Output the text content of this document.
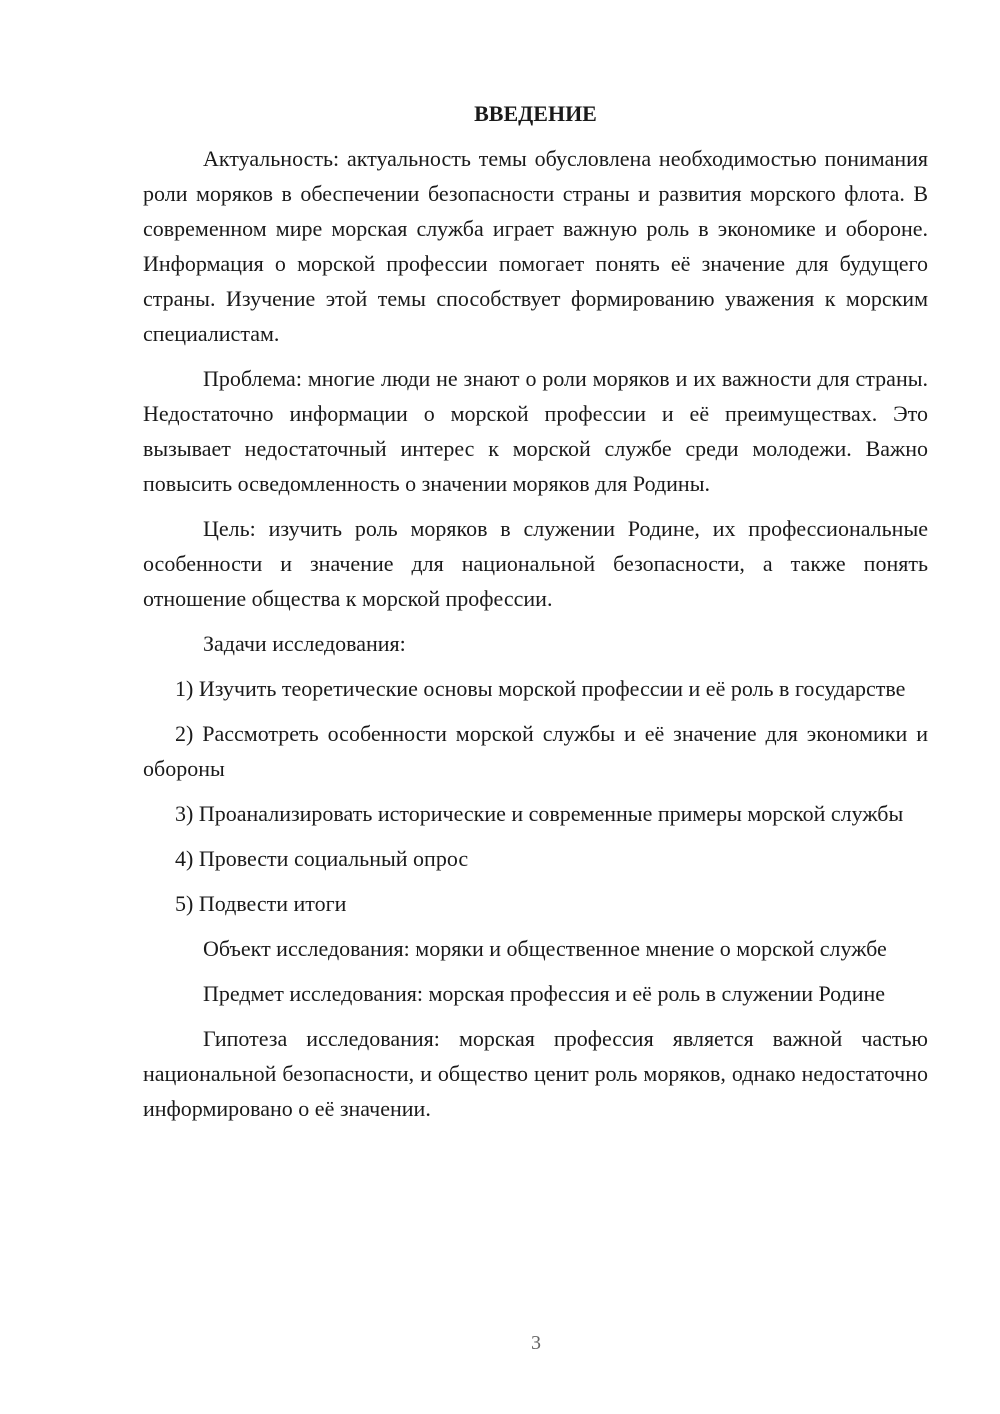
ВВЕДЕНИЕ

Актуальность: актуальность темы обусловлена необходимостью понимания роли моряков в обеспечении безопасности страны и развития морского флота. В современном мире морская служба играет важную роль в экономике и обороне. Информация о морской профессии помогает понять её значение для будущего страны. Изучение этой темы способствует формированию уважения к морским специалистам.

Проблема: многие люди не знают о роли моряков и их важности для страны. Недостаточно информации о морской профессии и её преимуществах. Это вызывает недостаточный интерес к морской службе среди молодежи. Важно повысить осведомленность о значении моряков для Родины.

Цель: изучить роль моряков в служении Родине, их профессиональные особенности и значение для национальной безопасности, а также понять отношение общества к морской профессии.

Задачи исследования:

1) Изучить теоретические основы морской профессии и её роль в государстве

2) Рассмотреть особенности морской службы и её значение для экономики и обороны

3) Проанализировать исторические и современные примеры морской службы

4) Провести социальный опрос

5) Подвести итоги

Объект исследования: моряки и общественное мнение о морской службе

Предмет исследования: морская профессия и её роль в служении Родине

Гипотеза исследования: морская профессия является важной частью национальной безопасности, и общество ценит роль моряков, однако недостаточно информировано о её значении.

3
